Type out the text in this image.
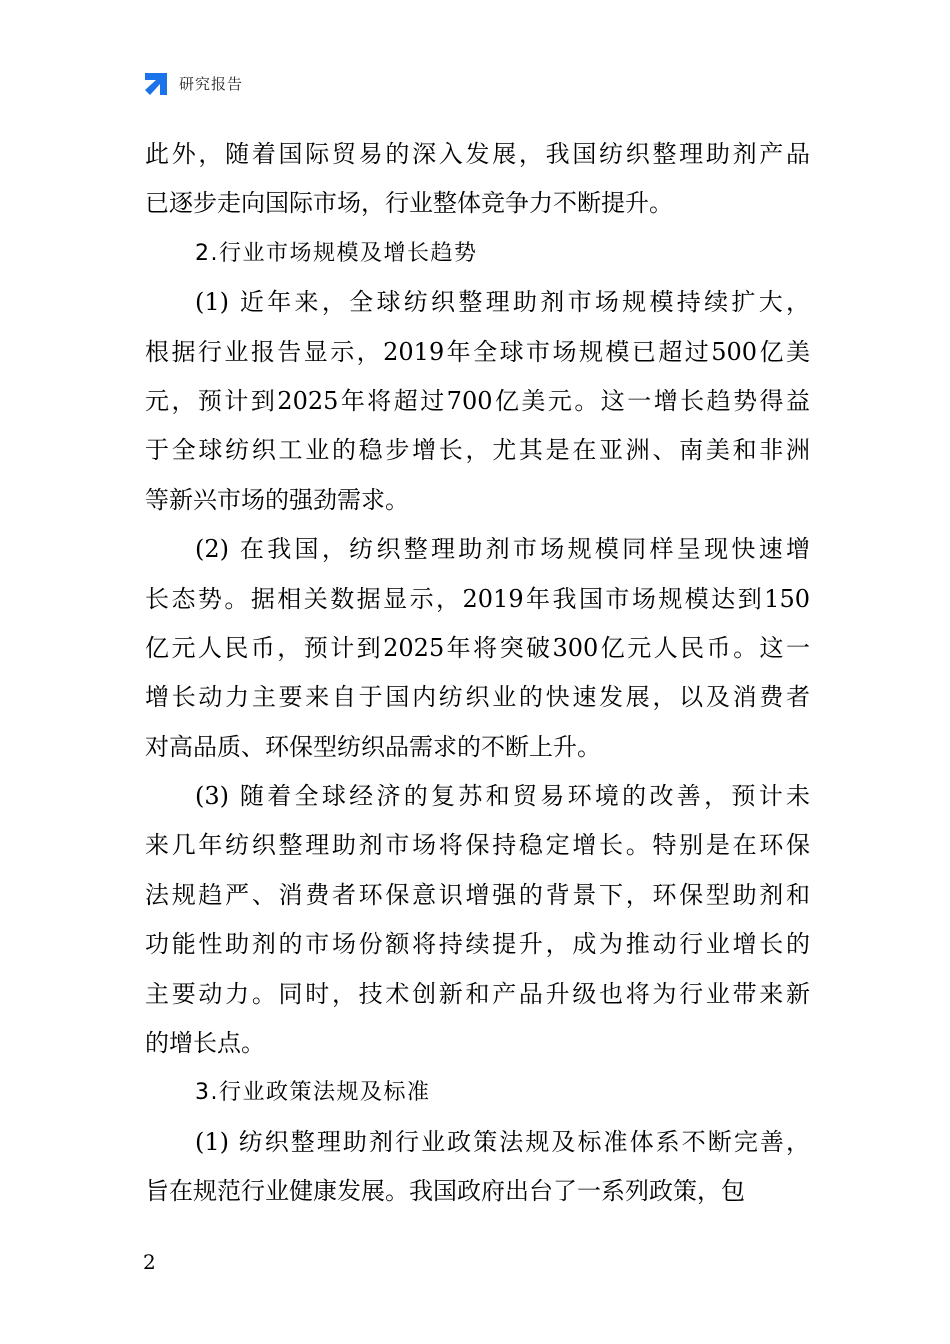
研究报告
此外，随着国际贸易的深入发展，我国纺织整理助剂产品
已逐步走向国际市场，行业整体竞争力不断提升。
2.行业市场规模及增长趋势
(1) 近年来，全球纺织整理助剂市场规模持续扩大，
根据行业报告显示，2019年全球市场规模已超过500亿美
元，预计到2025年将超过700亿美元。这一增长趋势得益
于全球纺织工业的稳步增长，尤其是在亚洲、南美和非洲
等新兴市场的强劲需求。
(2) 在我国，纺织整理助剂市场规模同样呈现快速增
长态势。据相关数据显示，2019年我国市场规模达到150
亿元人民币，预计到2025年将突破300亿元人民币。这一
增长动力主要来自于国内纺织业的快速发展，以及消费者
对高品质、环保型纺织品需求的不断上升。
(3) 随着全球经济的复苏和贸易环境的改善，预计未
来几年纺织整理助剂市场将保持稳定增长。特别是在环保
法规趋严、消费者环保意识增强的背景下，环保型助剂和
功能性助剂的市场份额将持续提升，成为推动行业增长的
主要动力。同时，技术创新和产品升级也将为行业带来新
的增长点。
3.行业政策法规及标准
(1) 纺织整理助剂行业政策法规及标准体系不断完善，
旨在规范行业健康发展。我国政府出台了一系列政策，包
2
